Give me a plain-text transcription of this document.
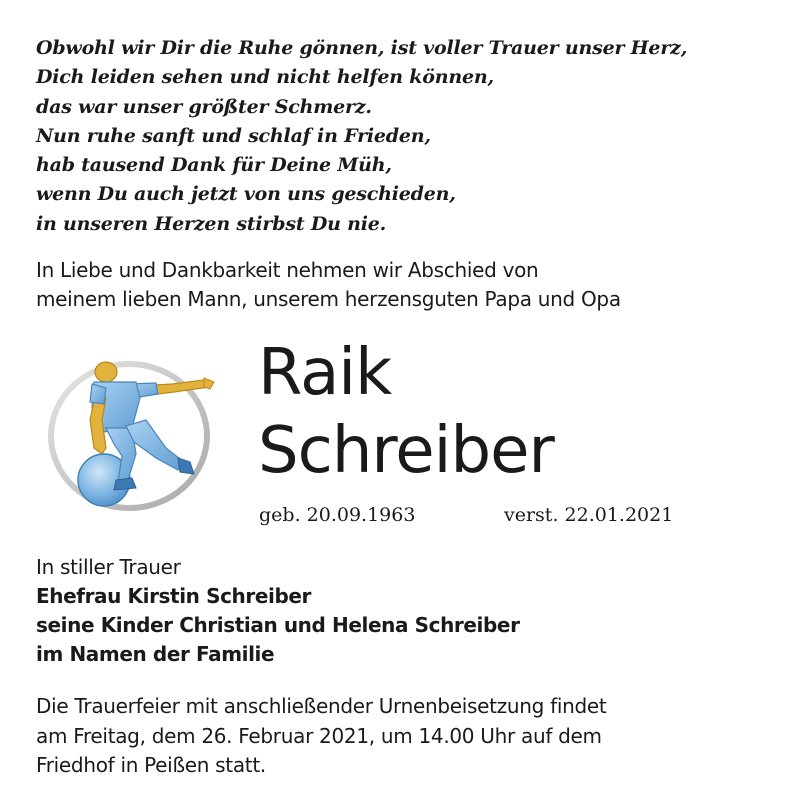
Obwohl wir Dir die Ruhe gönnen, ist voller Trauer unser Herz,
Dich leiden sehen und nicht helfen können,
das war unser größter Schmerz.
Nun ruhe sanft und schlaf in Frieden,
hab tausend Dank für Deine Müh,
wenn Du auch jetzt von uns geschieden,
in unseren Herzen stirbst Du nie.
In Liebe und Dankbarkeit nehmen wir Abschied von
meinem lieben Mann, unserem herzensguten Papa und Opa
Raik
Schreiber
geb. 20.09.1963	verst. 22.01.2021
In stiller Trauer
Ehefrau Kirstin Schreiber
seine Kinder Christian und Helena Schreiber
im Namen der Familie
Die Trauerfeier mit anschließender Urnenbeisetzung findet
am Freitag, dem 26. Februar 2021, um 14.00 Uhr auf dem
Friedhof in Peißen statt.
